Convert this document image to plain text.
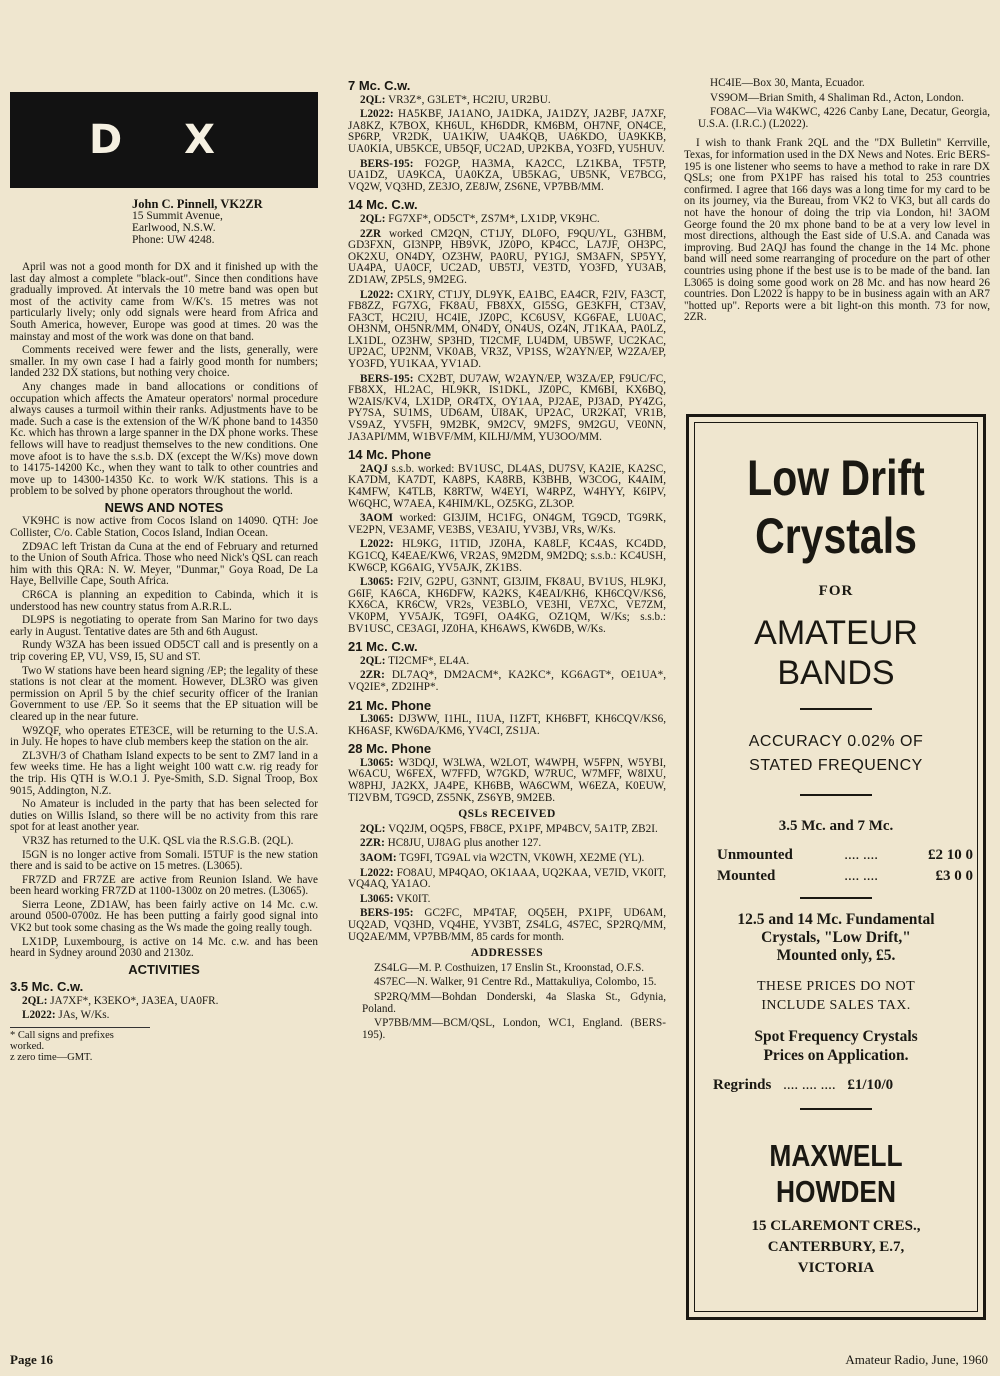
D X
John C. Pinnell, VK2ZR
15 Summit Avenue,
Earlwood, N.S.W.
Phone: UW 4248.

April was not a good month for DX and it finished up with the last day almost a complete "black-out". Since then conditions have gradually improved. At intervals the 10 metre band was open but most of the activity came from W/K's. 15 metres was not particularly lively; only odd signals were heard from Africa and South America, however, Europe was good at times. 20 was the mainstay and most of the work was done on that band.

Comments received were fewer and the lists, generally, were smaller. In my own case I had a fairly good month for numbers; landed 232 DX stations, but nothing very choice.

Any changes made in band allocations or conditions of occupation which affects the Amateur operators' normal procedure always causes a turmoil within their ranks. Adjustments have to be made. Such a case is the extension of the W/K phone band to 14350 Kc. which has thrown a large spanner in the DX phone works. These fellows will have to readjust themselves to the new conditions. One move afoot is to have the s.s.b. DX (except the W/Ks) move down to 14175-14200 Kc., when they want to talk to other countries and move up to 14300-14350 Kc. to work W/K stations. This is a problem to be solved by phone operators throughout the world.

NEWS AND NOTES

VK9HC is now active from Cocos Island on 14090. QTH: Joe Collister, C/o. Cable Station, Cocos Island, Indian Ocean.

ZD9AC left Tristan da Cuna at the end of February and returned to the Union of South Africa. Those who need Nick's QSL can reach him with this QRA: N. W. Meyer, "Dunmar," Goya Road, De La Haye, Bellville Cape, South Africa.

CR6CA is planning an expedition to Cabinda, which it is understood has new country status from A.R.R.L.

DL9PS is negotiating to operate from San Marino for two days early in August. Tentative dates are 5th and 6th August.

Rundy W3ZA has been issued OD5CT call and is presently on a trip covering EP, VU, VS9, I5, SU and ST.

Two W stations have been heard signing /EP; the legality of these stations is not clear at the moment. However, DL3RO was given permission on April 5 by the chief security officer of the Iranian Government to use /EP. So it seems that the EP situation will be cleared up in the near future.

W9ZQF, who operates ETE3CE, will be returning to the U.S.A. in July. He hopes to have club members keep the station on the air.

ZL3VH/3 of Chatham Island expects to be sent to ZM7 land in a few weeks time. He has a light weight 100 watt c.w. rig ready for the trip. His QTH is W.O.1 J. Pye-Smith, S.D. Signal Troop, Box 9015, Addington, N.Z.

No Amateur is included in the party that has been selected for duties on Willis Island, so there will be no activity from this rare spot for at least another year.

VR3Z has returned to the U.K. QSL via the R.S.G.B. (2QL).

I5GN is no longer active from Somali. I5TUF is the new station there and is said to be active on 15 metres. (L3065).

FR7ZD and FR7ZE are active from Reunion Island. We have been heard working FR7ZD at 1100-1300z on 20 metres. (L3065).

Sierra Leone, ZD1AW, has been fairly active on 14 Mc. c.w. around 0500-0700z. He has been putting a fairly good signal into VK2 but took some chasing as the Ws made the going really tough.

LX1DP, Luxembourg, is active on 14 Mc. c.w. and has been heard in Sydney around 2030 and 2130z.

ACTIVITIES
3.5 Mc. C.w.

2QL: JA7XF*, K3EKO*, JA3EA, UA0FR.

L2022: JAs, W/Ks.

* Call signs and prefixes worked.
z zero time—GMT.
7 Mc. C.w.

2QL: VR3Z*, G3LET*, HC2IU, UR2BU.

L2022: HA5KBF, JA1ANO, JA1DKA, JA1DZY, JA2BF, JA7XF, JA8KZ, K7BOX, KH6UL, KH6DDR, KM6BM, OH7NF, ON4CE, SP6RP, VR2DK, UA1KIW, UA4KQB, UA6KDO, UA9KKB, UA0KIA, UB5KCE, UB5QF, UC2AD, UP2KBA, YO3FD, YU5HUV.

BERS-195: FO2GP, HA3MA, KA2CC, LZ1KBA, TF5TP, UA1DZ, UA9KCA, UA0KZA, UB5KAG, UB5NK, VE7BCG, VQ2W, VQ3HD, ZE3JO, ZE8JW, ZS6NE, VP7BB/MM.

14 Mc. C.w.

2QL: FG7XF*, OD5CT*, ZS7M*, LX1DP, VK9HC.

2ZR worked CM2QN, CT1JY, DL0FO, F9QU/YL, G3HBM, GD3FXN, GI3NPP, HB9VK, JZ0PO, KP4CC, LA7JF, OH3PC, OK2XU, ON4DY, OZ3HW, PA0RU, PY1GJ, SM3AFN, SP5YY, UA4PA, UA0CF, UC2AD, UB5TJ, VE3TD, YO3FD, YU3AB, ZD1AW, ZP5LS, 9M2EG.

L2022: CX1RY, CT1JY, DL9YK, EA1BC, EA4CR, F2IV, FA3CT, FB8ZZ, FG7XG, FK8AU, FB8XX, GI5SG, GE3KFH, CT3AV, FA3CT, HC2IU, HC4IE, JZ0PC, KC6USV, KG6FAE, LU0AC, OH3NM, OH5NR/MM, ON4DY, ON4US, OZ4N, JT1KAA, PA0LZ, LX1DL, OZ3HW, SP3HD, TI2CMF, LU4DM, UB5WF, UC2KAC, UP2AC, UP2NM, VK0AB, VR3Z, VP1SS, W2AYN/EP, W2ZA/EP, YO3FD, YU1KAA, YV1AD.

BERS-195: CX2BT, DU7AW, W2AYN/EP, W3ZA/EP, F9UC/FC, FB8XX, HL2AC, HL9KR, IS1DKL, JZ0PC, KM6BI, KX6BQ, W2AIS/KV4, LX1DP, OR4TX, OY1AA, PJ2AE, PJ3AD, PY4ZG, PY7SA, SU1MS, UD6AM, UI8AK, UP2AC, UR2KAT, VR1B, VS9AZ, YV5FH, 9M2BK, 9M2CV, 9M2FS, 9M2GU, VE0NN, JA3API/MM, W1BVF/MM, KILHJ/MM, YU3OO/MM.

14 Mc. Phone

2AQJ s.s.b. worked: BV1USC, DL4AS, DU7SV, KA2IE, KA2SC, KA7DM, KA7DT, KA8PS, KA8RB, K3BHB, W3COG, K4AIM, K4MFW, K4TLB, K8RTW, W4EYI, W4RPZ, W4HYY, K6IPV, W6QHC, W7AEA, K4HIM/KL, OZ5KG, ZL3OP.

3AOM worked: GI3JIM, HC1FG, ON4GM, TG9CD, TG9RK, VE2PN, VE3AMF, VE3BS, VE3AIU, YV3BJ, VRs, W/Ks.

L2022: HL9KG, I1TID, JZ0HA, KA8LF, KC4AS, KC4DD, KG1CQ, K4EAE/KW6, VR2AS, 9M2DM, 9M2DQ; s.s.b.: KC4USH, KW6CP, KG6AIG, YV5AJK, ZK1BS.

L3065: F2IV, G2PU, G3NNT, GI3JIM, FK8AU, BV1US, HL9KJ, G6IF, KA6CA, KH6DFW, KA2KS, K4EAI/KH6, KH6CQV/KS6, KX6CA, KR6CW, VR2s, VE3BLO, VE3HI, VE7XC, VE7ZM, VK0PM, YV5AJK, TG9FI, OA4KG, OZ1QM, W/Ks; s.s.b.: BV1USC, CE3AGI, JZ0HA, KH6AWS, KW6DB, W/Ks.

21 Mc. C.w.

2QL: TI2CMF*, EL4A.

2ZR: DL7AQ*, DM2ACM*, KA2KC*, KG6AGT*, OE1UA*, VQ2IE*, ZD2IHP*.

21 Mc. Phone

L3065: DJ3WW, I1HL, I1UA, I1ZFT, KH6BFT, KH6CQV/KS6, KH6ASF, KW6DA/KM6, YV4CI, ZS1JA.

28 Mc. Phone

L3065: W3DQJ, W3LWA, W2LOT, W4WPH, W5FPN, W5YBI, W6ACU, W6FEX, W7FFD, W7GKD, W7RUC, W7MFF, W8IXU, W8PHJ, JA2KX, JA4PE, KH6BB, WA6CWM, W6EZA, K0EUW, TI2VBM, TG9CD, ZS5NK, ZS6YB, 9M2EB.

QSLs RECEIVED

2QL: VQ2JM, OQ5PS, FB8CE, PX1PF, MP4BCV, 5A1TP, ZB2I.

2ZR: HC8JU, UJ8AG plus another 127.

3AOM: TG9FI, TG9AL via W2CTN, VK0WH, XE2ME (YL).

L2022: FO8AU, MP4QAO, OK1AAA, UQ2KAA, VE7ID, VK0IT, VQ4AQ, YA1AO.

L3065: VK0IT.

BERS-195: GC2FC, MP4TAF, OQ5EH, PX1PF, UD6AM, UQ2AD, VQ3HD, VQ4HE, YV3BT, ZS4LG, 4S7EC, SP2RQ/MM, UQ2AE/MM, VP7BB/MM, 85 cards for month.

ADDRESSES

ZS4LG—M. P. Costhuizen, 17 Enslin St., Kroonstad, O.F.S.

4S7EC—N. Walker, 91 Centre Rd., Mattakuliya, Colombo, 15.

SP2RQ/MM—Bohdan Donderski, 4a Slaska St., Gdynia, Poland.

VP7BB/MM—BCM/QSL, London, WC1, England. (BERS-195).

HC4IE—Box 30, Manta, Ecuador.

VS9OM—Brian Smith, 4 Shaliman Rd., Acton, London.

FO8AC—Via W4KWC, 4226 Canby Lane, Decatur, Georgia, U.S.A. (I.R.C.) (L2022).

I wish to thank Frank 2QL and the "DX Bulletin" Kerrville, Texas, for information used in the DX News and Notes. Eric BERS-195 is one listener who seems to have a method to rake in rare DX QSLs; one from PX1PF has raised his total to 253 countries confirmed. I agree that 166 days was a long time for my card to be on its journey, via the Bureau, from VK2 to VK3, but all cards do not have the honour of doing the trip via London, hi! 3AOM George found the 20 mx phone band to be at a very low level in most directions, although the East side of U.S.A. and Canada was improving. Bud 2AQJ has found the change in the 14 Mc. phone band will need some rearranging of procedure on the part of other countries using phone if the best use is to be made of the band. Ian L3065 is doing some good work on 28 Mc. and has now heard 26 countries. Don L2022 is happy to be in business again with an AR7 "hotted up". Reports were a bit light-on this month. 73 for now, 2ZR.

Low Drift
Crystals
FOR
AMATEUR
BANDS
ACCURACY 0.02% OF
STATED FREQUENCY
3.5 Mc. and 7 Mc.
Unmounted	.... ....	£2 10 0
Mounted	.... ....	£3 0 0
12.5 and 14 Mc. Fundamental
Crystals, "Low Drift,"
Mounted only, £5.
THESE PRICES DO NOT
INCLUDE SALES TAX.
Spot Frequency Crystals
Prices on Application.
Regrinds .... .... .... £1/10/0
MAXWELL HOWDEN
15 CLAREMONT CRES.,
CANTERBURY, E.7,
VICTORIA
Page 16	Amateur Radio, June, 1960
